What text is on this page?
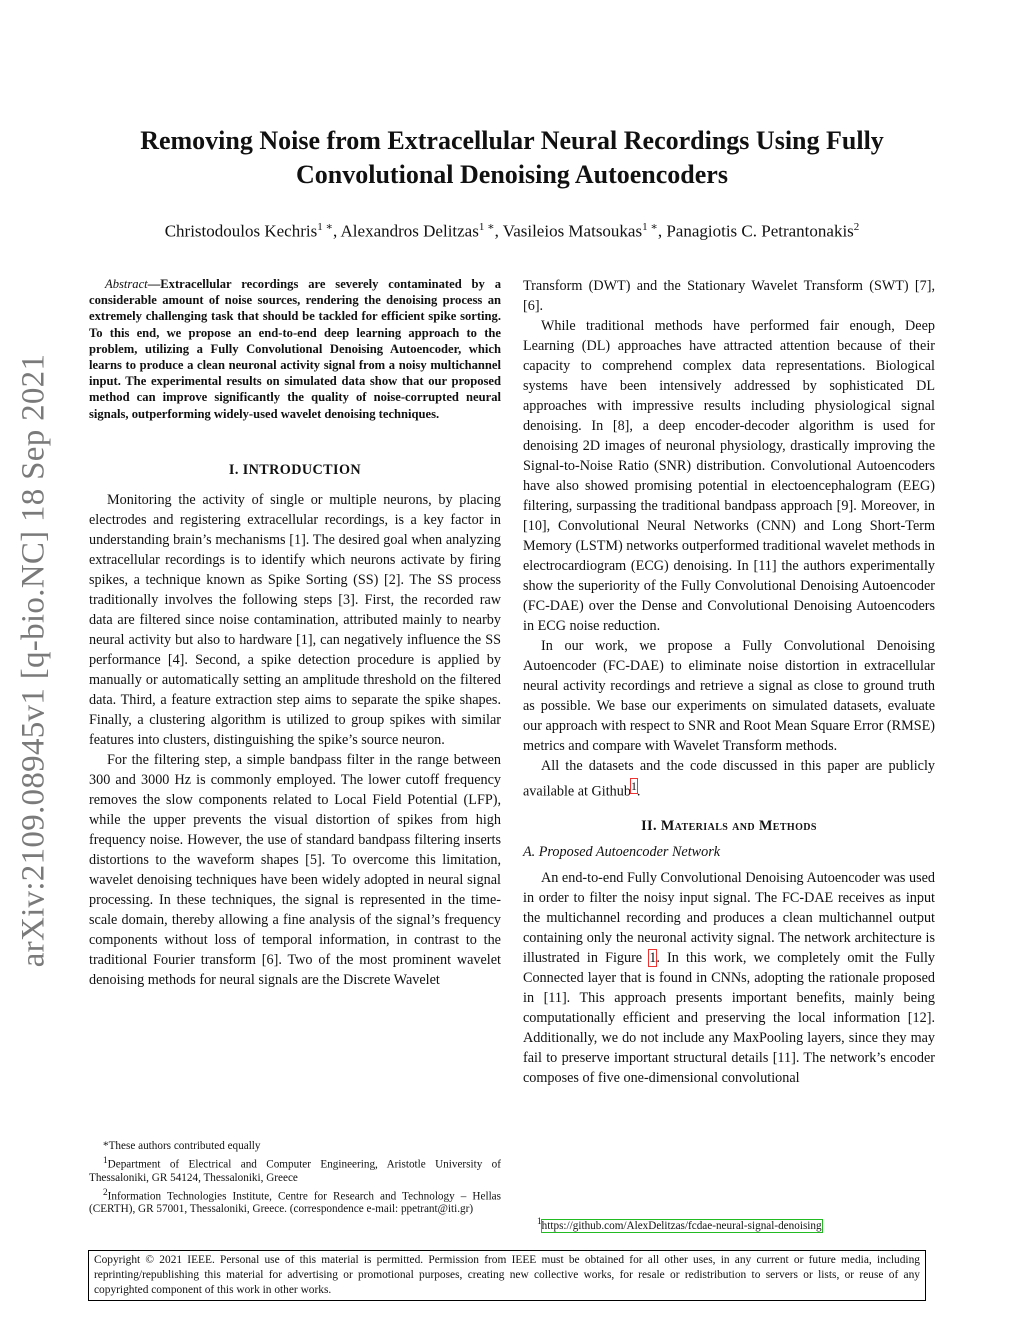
arXiv:2109.08945v1 [q-bio.NC] 18 Sep 2021
Removing Noise from Extracellular Neural Recordings Using Fully Convolutional Denoising Autoencoders
Christodoulos Kechris$^{1 ∗}$, Alexandros Delitzas$^{1 ∗}$, Vasileios Matsoukas$^{1 ∗}$, Panagiotis C. Petrantonakis$^2$

Abstract—Extracellular recordings are severely contaminated by a considerable amount of noise sources, rendering the denoising process an extremely challenging task that should be tackled for efficient spike sorting. To this end, we propose an end-to-end deep learning approach to the problem, utilizing a Fully Convolutional Denoising Autoencoder, which learns to produce a clean neuronal activity signal from a noisy multichannel input. The experimental results on simulated data show that our proposed method can improve significantly the quality of noise-corrupted neural signals, outperforming widely-used wavelet denoising techniques.

I. INTRODUCTION

Monitoring the activity of single or multiple neurons, by placing electrodes and registering extracellular recordings, is a key factor in understanding brain’s mechanisms [1]. The desired goal when analyzing extracellular recordings is to identify which neurons activate by firing spikes, a technique known as Spike Sorting (SS) [2]. The SS process traditionally involves the following steps [3]. First, the recorded raw data are filtered since noise contamination, attributed mainly to nearby neural activity but also to hardware [1], can negatively influence the SS performance [4]. Second, a spike detection procedure is applied by manually or automatically setting an amplitude threshold on the filtered data. Third, a feature extraction step aims to separate the spike shapes. Finally, a clustering algorithm is utilized to group spikes with similar features into clusters, distinguishing the spike’s source neuron.

For the filtering step, a simple bandpass filter in the range between 300 and 3000 Hz is commonly employed. The lower cutoff frequency removes the slow components related to Local Field Potential (LFP), while the upper prevents the visual distortion of spikes from high frequency noise. However, the use of standard bandpass filtering inserts distortions to the waveform shapes [5]. To overcome this limitation, wavelet denoising techniques have been widely adopted in neural signal processing. In these techniques, the signal is represented in the time-scale domain, thereby allowing a fine analysis of the signal’s frequency components without loss of temporal information, in contrast to the traditional Fourier transform [6]. Two of the most prominent wavelet denoising methods for neural signals are the Discrete Wavelet

*These authors contributed equally

$^1$Department of Electrical and Computer Engineering, Aristotle University of Thessaloniki, GR 54124, Thessaloniki, Greece

$^2$Information Technologies Institute, Centre for Research and Technology – Hellas (CERTH), GR 57001, Thessaloniki, Greece. (correspondence e-mail: ppetrant@iti.gr)

Transform (DWT) and the Stationary Wavelet Transform (SWT) [7], [6].

While traditional methods have performed fair enough, Deep Learning (DL) approaches have attracted attention because of their capacity to comprehend complex data representations. Biological systems have been intensively addressed by sophisticated DL approaches with impressive results including physiological signal denoising. In [8], a deep encoder-decoder algorithm is used for denoising 2D images of neuronal physiology, drastically improving the Signal-to-Noise Ratio (SNR) distribution. Convolutional Autoencoders have also showed promising potential in electoencephalogram (EEG) filtering, surpassing the traditional bandpass approach [9]. Moreover, in [10], Convolutional Neural Networks (CNN) and Long Short-Term Memory (LSTM) networks outperformed traditional wavelet methods in electrocardiogram (ECG) denoising. In [11] the authors experimentally show the superiority of the Fully Convolutional Denoising Autoencoder (FC-DAE) over the Dense and Convolutional Denoising Autoencoders in ECG noise reduction.

In our work, we propose a Fully Convolutional Denoising Autoencoder (FC-DAE) to eliminate noise distortion in extracellular neural activity recordings and retrieve a signal as close to ground truth as possible. We base our experiments on simulated datasets, evaluate our approach with respect to SNR and Root Mean Square Error (RMSE) metrics and compare with Wavelet Transform methods.

All the datasets and the code discussed in this paper are publicly available at Github$^1$.

II. Materials and Methods

A. Proposed Autoencoder Network

An end-to-end Fully Convolutional Denoising Autoencoder was used in order to filter the noisy input signal. The FC-DAE receives as input the multichannel recording and produces a clean multichannel output containing only the neuronal activity signal. The network architecture is illustrated in Figure 1. In this work, we completely omit the Fully Connected layer that is found in CNNs, adopting the rationale proposed in [11]. This approach presents important benefits, mainly being computationally efficient and preserving the local information [12]. Additionally, we do not include any MaxPooling layers, since they may fail to preserve important structural details [11]. The network’s encoder composes of five one-dimensional convolutional

$^1$https://github.com/AlexDelitzas/fcdae-neural-signal-denoising
Copyright © 2021 IEEE. Personal use of this material is permitted. Permission from IEEE must be obtained for all other uses, in any current or future media, including reprinting/republishing this material for advertising or promotional purposes, creating new collective works, for resale or redistribution to servers or lists, or reuse of any copyrighted component of this work in other works.
